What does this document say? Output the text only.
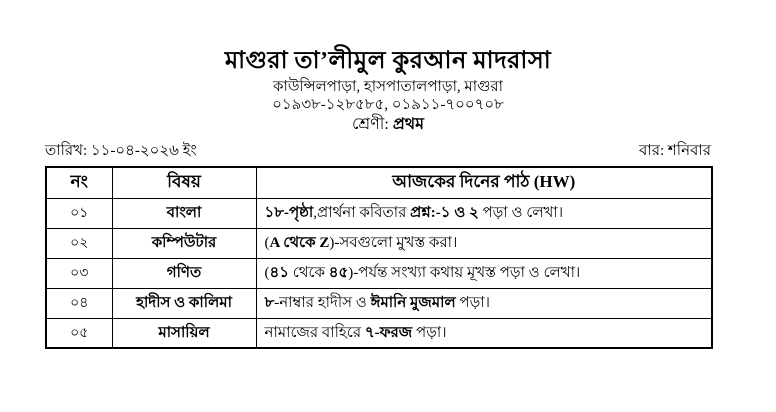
মাগুরা তা’লীমুল কুরআন মাদরাসা
কাউন্সিলপাড়া, হাসপাতালপাড়া, মাগুরা
০১৯৩৮-১২৮৫৮৫, ০১৯১১-৭০০৭০৮
শ্রেণী: প্রথম
তারিখ: ১১-০৪-২০২৬ ইং	বার: শনিবার
নং	বিষয়	আজকের দিনের পাঠ (HW)
০১	বাংলা	১৮-পৃষ্ঠা,প্রার্থনা কবিতার প্রশ্ন:-১ ও ২ পড়া ও লেখা।
০২	কম্পিউটার	(A থেকে Z)-সবগুলো মুখস্ত করা।
০৩	গণিত	(৪১ থেকে ৪৫)-পর্যন্ত সংখ্যা কথায় মূখস্ত পড়া ও লেখা।
০৪	হাদীস ও কালিমা	৮-নাম্বার হাদীস ও ঈমানি মুজমাল পড়া।
০৫	মাসায়িল	নামাজের বাহিরে ৭-ফরজ পড়া।
